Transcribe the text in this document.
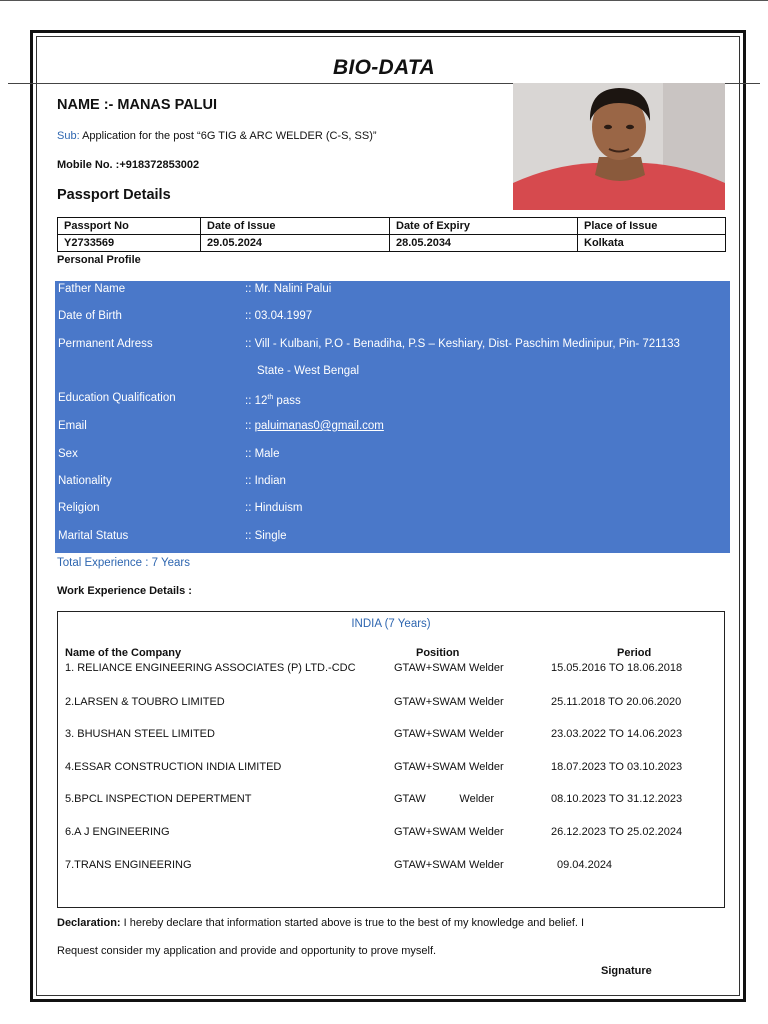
BIO-DATA
NAME :- MANAS PALUI
Sub: Application for the post “6G TIG & ARC WELDER (C-S, SS)”
Mobile No. :+918372853002
Passport Details
Passport No	Date of Issue	Date of Expiry	Place of Issue
Y2733569	29.05.2024	28.05.2034	Kolkata
Personal Profile
Father Name	:: Mr. Nalini Palui
Date of Birth	:: 03.04.1997
Permanent Adress	:: Vill - Kulbani, P.O - Benadiha, P.S – Keshiary, Dist- Paschim Medinipur, Pin- 721133
State - West Bengal
Education Qualification	:: 12th pass
Email	:: paluimanas0@gmail.com
Sex	:: Male
Nationality	:: Indian
Religion	:: Hinduism
Marital Status	:: Single
Total Experience : 7 Years
Work Experience Details :
INDIA (7 Years)
Name of the Company	Position	Period
1. RELIANCE ENGINEERING ASSOCIATES (P) LTD.-CDC	GTAW+SWAM Welder	15.05.2016 TO 18.06.2018
2.LARSEN & TOUBRO LIMITED	GTAW+SWAM Welder	25.11.2018 TO 20.06.2020
3. BHUSHAN STEEL LIMITED	GTAW+SWAM Welder	23.03.2022 TO 14.06.2023
4.ESSAR CONSTRUCTION INDIA LIMITED	GTAW+SWAM Welder	18.07.2023 TO 03.10.2023
5.BPCL INSPECTION DEPERTMENT	GTAW           Welder	08.10.2023 TO 31.12.2023
6.A J ENGINEERING	GTAW+SWAM Welder	26.12.2023 TO 25.02.2024
7.TRANS ENGINEERING	GTAW+SWAM Welder	09.04.2024
Declaration: I hereby declare that information started above is true to the best of my knowledge and belief. I
Request consider my application and provide and opportunity to prove myself.
Signature
